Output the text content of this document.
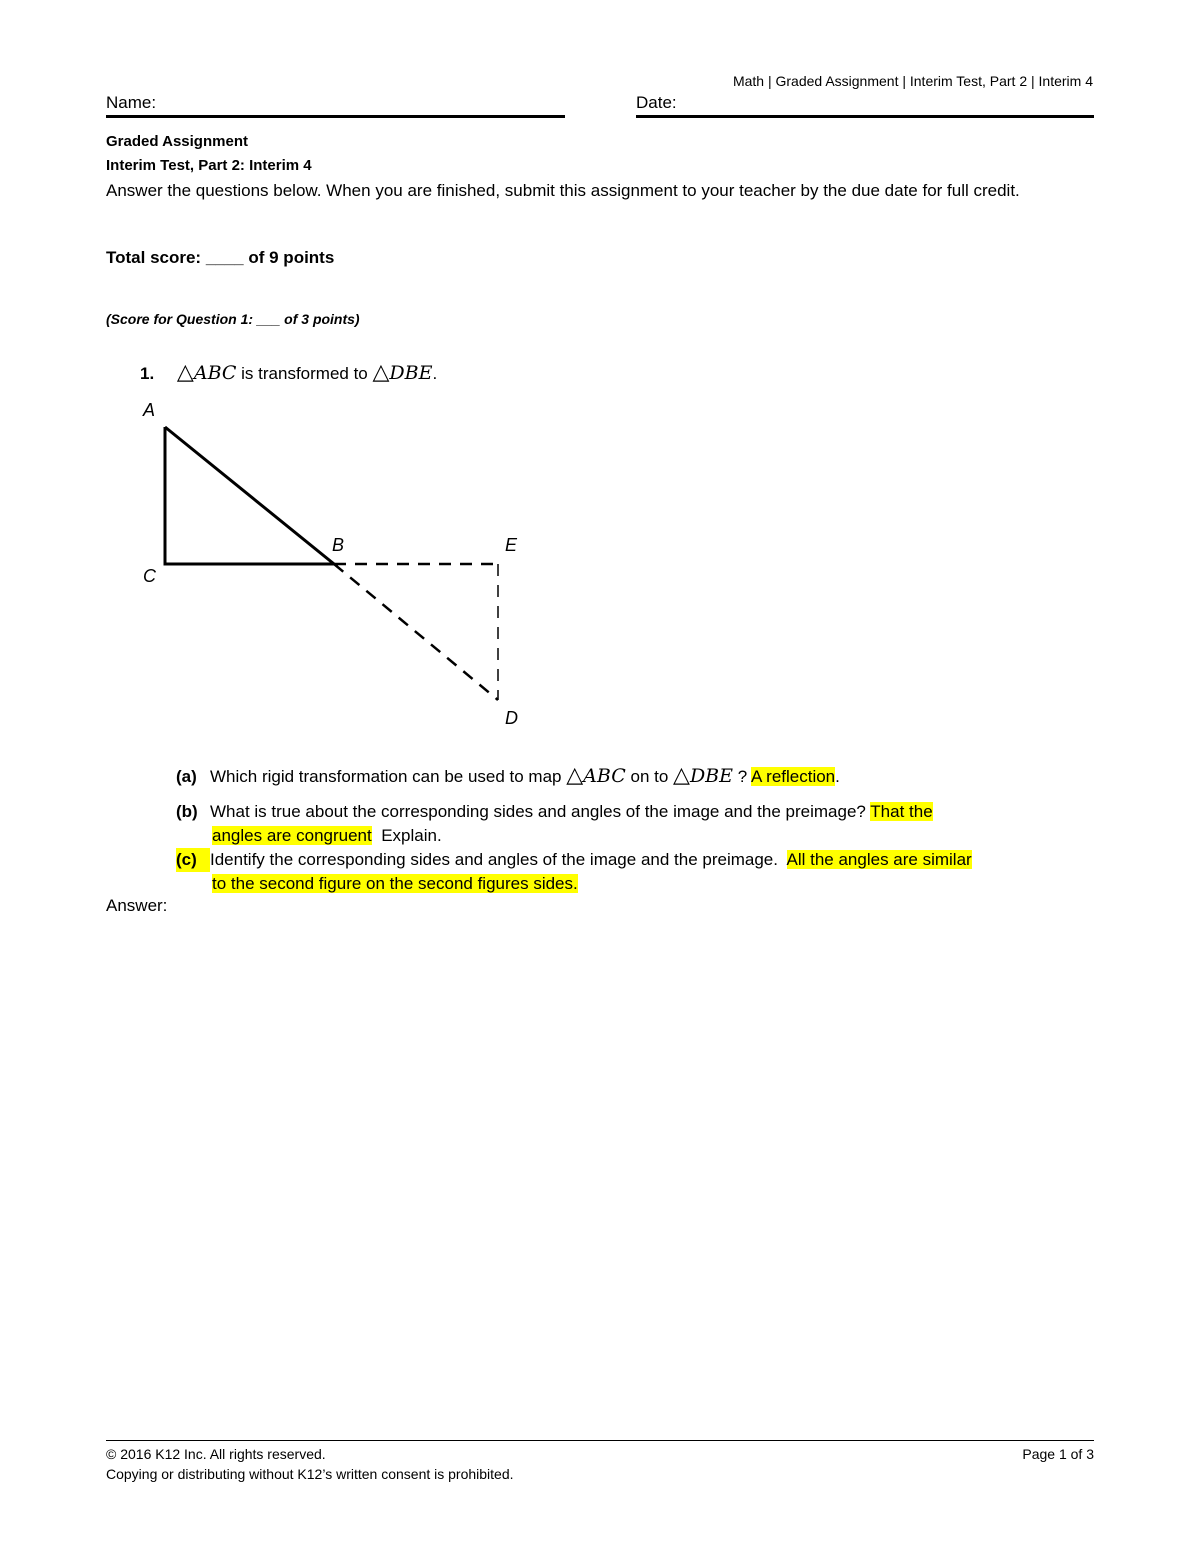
Math | Graded Assignment | Interim Test, Part 2 | Interim 4
Name:	Date:
Graded Assignment
Interim Test, Part 2: Interim 4
Answer the questions below. When you are finished, submit this assignment to your teacher by the due date for full credit.
Total score: ____ of 9 points
(Score for Question 1: ___ of 3 points)
1. △ABC is transformed to △DBE.
A
B
C
E
D
(a) Which rigid transformation can be used to map △ABC on to △DBE ? A reflection.
(b) What is true about the corresponding sides and angles of the image and the preimage? That the
angles are congruent Explain.
(c) Identify the corresponding sides and angles of the image and the preimage. All the angles are similar
to the second figure on the second figures sides.
Answer:
© 2016 K12 Inc. All rights reserved.
Copying or distributing without K12’s written consent is prohibited.
Page 1 of 3
